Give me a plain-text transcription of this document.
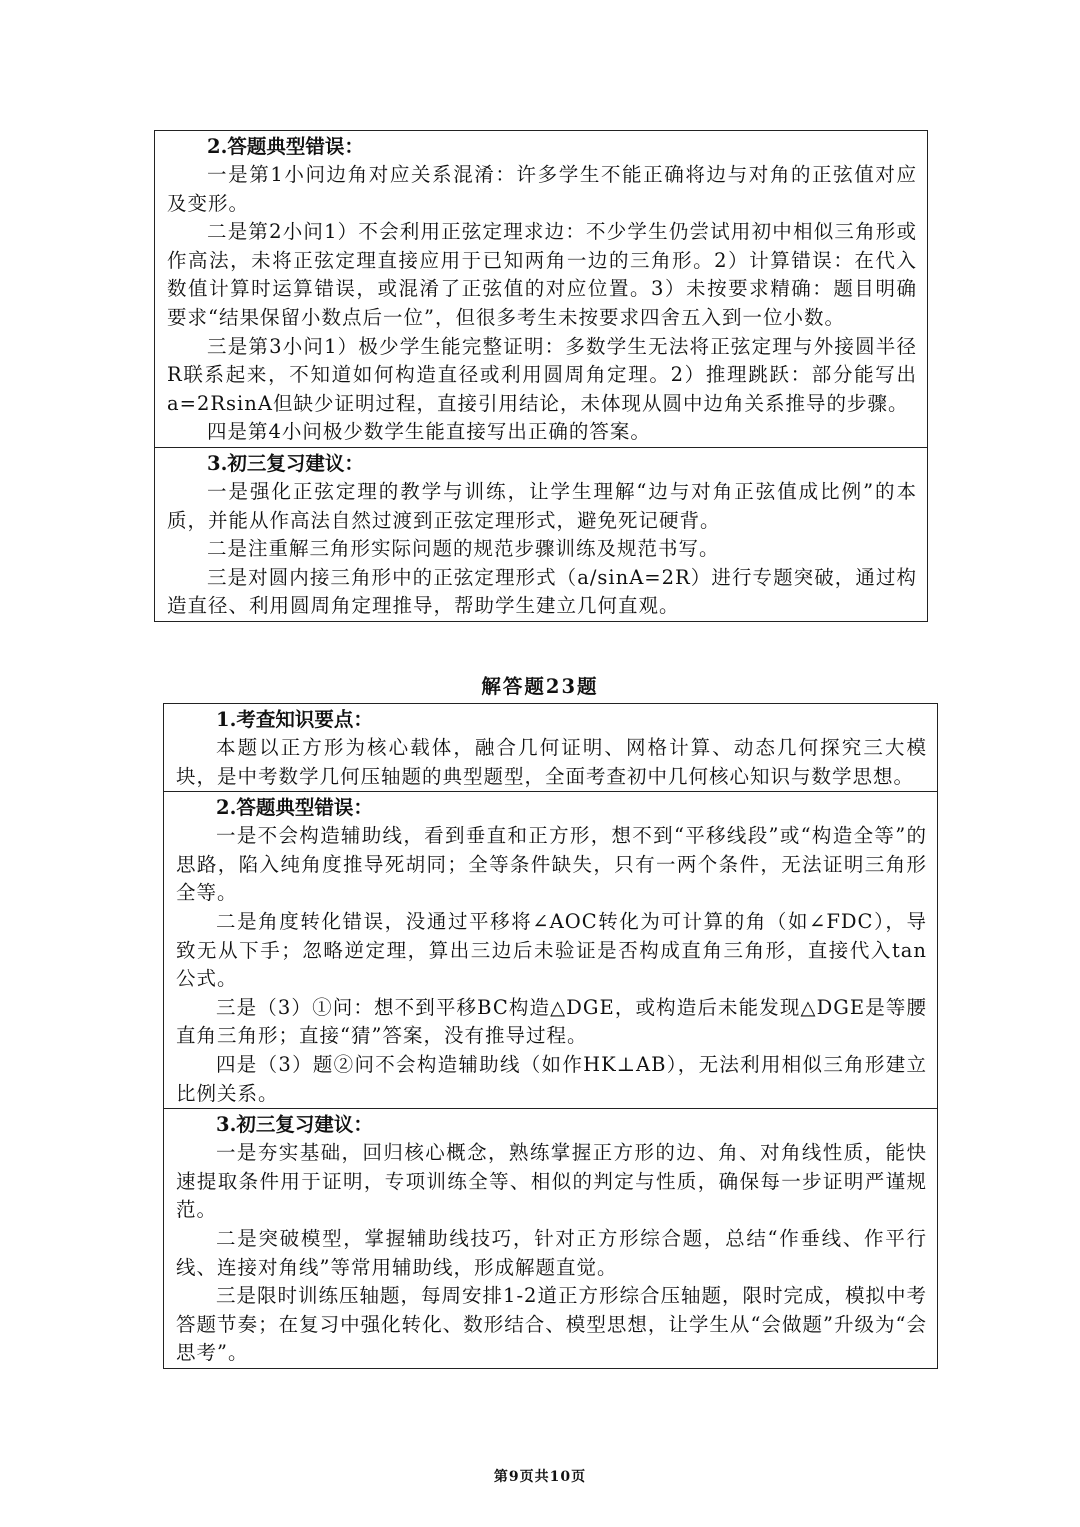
2.答题典型错误：

一是第1小问边角对应关系混淆：许多学生不能正确将边与对角的正弦值对应及变形。

二是第2小问1）不会利用正弦定理求边：不少学生仍尝试用初中相似三角形或作高法，未将正弦定理直接应用于已知两角一边的三角形。2）计算错误：在代入数值计算时运算错误，或混淆了正弦值的对应位置。3）未按要求精确：题目明确要求“结果保留小数点后一位”，但很多考生未按要求四舍五入到一位小数。

三是第3小问1）极少学生能完整证明：多数学生无法将正弦定理与外接圆半径R联系起来，不知道如何构造直径或利用圆周角定理。2）推理跳跃：部分能写出a=2RsinA但缺少证明过程，直接引用结论，未体现从圆中边角关系推导的步骤。

四是第4小问极少数学生能直接写出正确的答案。

3.初三复习建议：

一是强化正弦定理的教学与训练，让学生理解“边与对角正弦值成比例”的本质，并能从作高法自然过渡到正弦定理形式，避免死记硬背。

二是注重解三角形实际问题的规范步骤训练及规范书写。

三是对圆内接三角形中的正弦定理形式（a/sinA=2R）进行专题突破，通过构造直径、利用圆周角定理推导，帮助学生建立几何直观。

解答题23题
1.考查知识要点：

本题以正方形为核心载体，融合几何证明、网格计算、动态几何探究三大模块，是中考数学几何压轴题的典型题型，全面考查初中几何核心知识与数学思想。

2.答题典型错误：

一是不会构造辅助线，看到垂直和正方形，想不到“平移线段”或“构造全等”的思路，陷入纯角度推导死胡同；全等条件缺失，只有一两个条件，无法证明三角形全等。

二是角度转化错误，没通过平移将∠AOC转化为可计算的角（如∠FDC），导致无从下手；忽略逆定理，算出三边后未验证是否构成直角三角形，直接代入tan公式。

三是（3）①问：想不到平移BC构造△DGE，或构造后未能发现△DGE是等腰直角三角形；直接“猜”答案，没有推导过程。

四是（3）题②问不会构造辅助线（如作HK⊥AB），无法利用相似三角形建立比例关系。

3.初三复习建议：

一是夯实基础，回归核心概念，熟练掌握正方形的边、角、对角线性质，能快速提取条件用于证明，专项训练全等、相似的判定与性质，确保每一步证明严谨规范。

二是突破模型，掌握辅助线技巧，针对正方形综合题，总结“作垂线、作平行线、连接对角线”等常用辅助线，形成解题直觉。

三是限时训练压轴题，每周安排1-2道正方形综合压轴题，限时完成，模拟中考答题节奏；在复习中强化转化、数形结合、模型思想，让学生从“会做题”升级为“会思考”。

第9页共10页
